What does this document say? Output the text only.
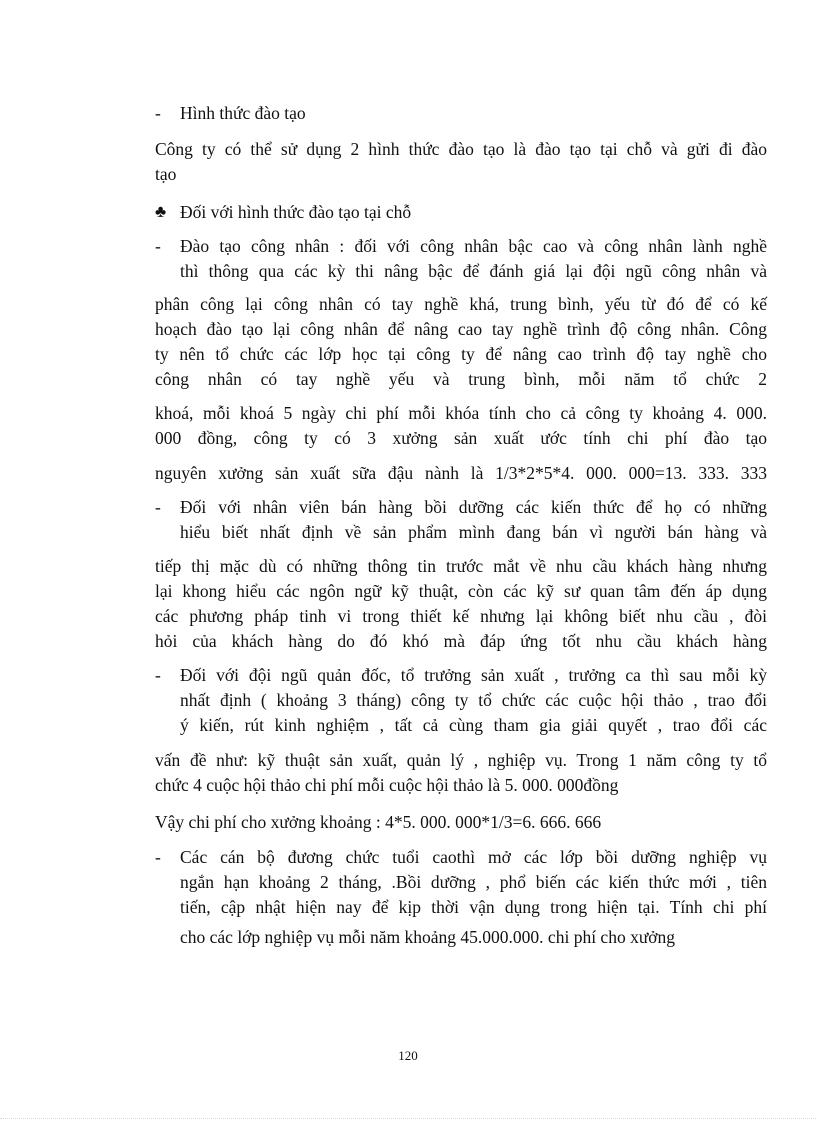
- Hình thức đào tạo
Công ty có thể sử dụng 2 hình thức đào tạo là đào tạo tại chỗ và gửi đi đào
tạo
♣ Đối với hình thức đào tạo tại chỗ
- Đào tạo công nhân : đối với công nhân bậc cao và công nhân lành nghề
thì thông qua các kỳ thi nâng bậc để đánh giá lại đội ngũ công nhân và
phân công lại công nhân có tay nghề khá, trung bình, yếu từ đó để có kế
hoạch đào tạo lại công nhân để nâng cao tay nghề trình độ công nhân. Công
ty nên tổ chức các lớp học tại công ty để nâng cao trình độ tay nghề cho
công nhân có tay nghề yếu và trung bình, mỗi năm tổ chức 2
khoá, mỗi khoá 5 ngày chi phí mỗi khóa tính cho cả công ty khoảng 4. 000.
000 đồng, công ty có 3 xưởng sản xuất ước tính chi phí đào tạo
nguyên xưởng sản xuất sữa đậu nành là 1/3*2*5*4. 000. 000=13. 333. 333
- Đối với nhân viên bán hàng bồi dưỡng các kiến thức để họ có những
hiểu biết nhất định về sản phẩm mình đang bán vì người bán hàng và
tiếp thị mặc dù có những thông tin trước mắt về nhu cầu khách hàng nhưng
lại khong hiểu các ngôn ngữ kỹ thuật, còn các kỹ sư quan tâm đến áp dụng
các phương pháp tinh vi trong thiết kế nhưng lại không biết nhu cầu , đòi
hỏi của khách hàng do đó khó mà đáp ứng tốt nhu cầu khách hàng
- Đối với đội ngũ quản đốc, tổ trưởng sản xuất , trưởng ca thì sau mỗi kỳ
nhất định ( khoảng 3 tháng) công ty tổ chức các cuộc hội thảo , trao đổi
ý kiến, rút kinh nghiệm , tất cả cùng tham gia giải quyết , trao đổi các
vấn đề như: kỹ thuật sản xuất, quản lý , nghiệp vụ. Trong 1 năm công ty tổ
chức 4 cuộc hội thảo chi phí mỗi cuộc hội thảo là 5. 000. 000đồng
Vậy chi phí cho xưởng khoảng : 4*5. 000. 000*1/3=6. 666. 666
- Các cán bộ đương chức tuổi caothì mở các lớp bồi dưỡng nghiệp vụ
ngắn hạn khoảng 2 tháng, .Bồi dưỡng , phổ biến các kiến thức mới , tiên
tiến, cập nhật hiện nay để kịp thời vận dụng trong hiện tại. Tính chi phí
cho các lớp nghiệp vụ mỗi năm khoảng 45.000.000. chi phí cho xưởng
120
